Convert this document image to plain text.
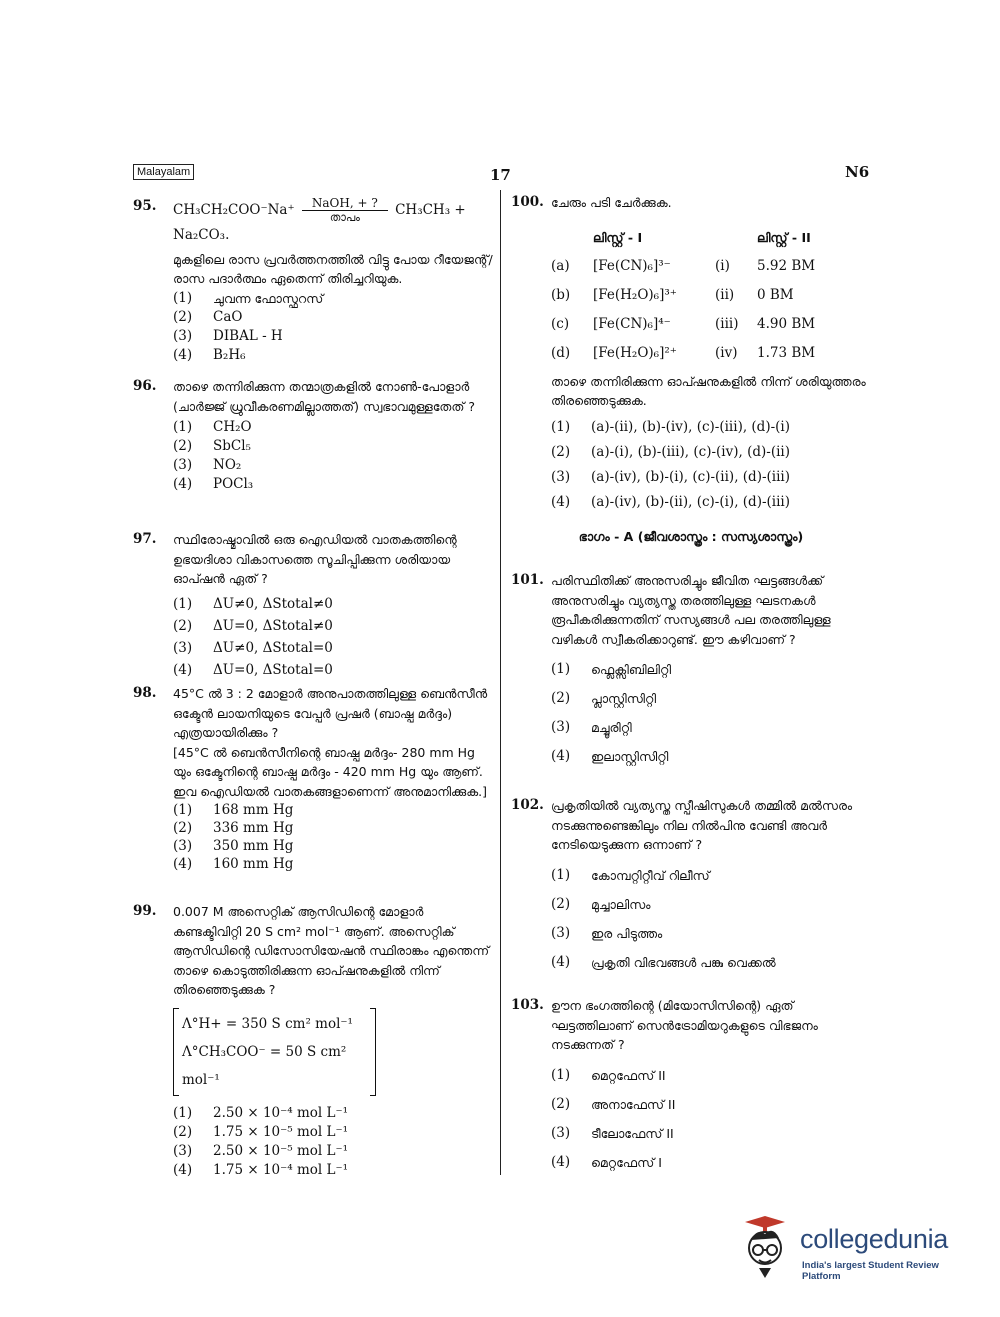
Malayalam	17	N6
95. $CH_3CH_2COO^-Na^+ \frac{\text{NaOH, + ?}}{\text{താപം}} CH_3CH_3$ +
Na₂CO₃.
മുകളിലെ രാസ പ്രവർത്തനത്തിൽ വിട്ടു പോയ റീയേജന്റ്/രാസ പദാർത്ഥം ഏതെന്ന് തിരിച്ചറിയുക.
(1)	ചുവന്ന ഫോസ്ഫറസ്
(2)	CaO
(3)	DIBAL - H
(4)	B₂H₆
96. താഴെ തന്നിരിക്കുന്ന തന്മാത്രകളിൽ നോൺ-പോളാർ (ചാർജ്ജ് ധ്രുവീകരണമില്ലാത്തത്) സ്വഭാവമുള്ളതേത് ?
(1)	CH₂O
(2)	SbCl₅
(3)	NO₂
(4)	POCl₃
97. സ്ഥിരോഷ്മാവിൽ ഒരു ഐഡിയൽ വാതകത്തിന്റെ ഉഭയദിശാ വികാസത്തെ സൂചിപ്പിക്കുന്ന ശരിയായ ഓപ്ഷൻ ഏത് ?
(1)	ΔU≠0, ΔStotal≠0
(2)	ΔU=0, ΔStotal≠0
(3)	ΔU≠0, ΔStotal=0
(4)	ΔU=0, ΔStotal=0
98. 45°C ൽ 3 : 2 മോളാർ അനുപാതത്തിലുള്ള ബെൻസീൻ ഒക്ടേൻ ലായനിയുടെ വേപ്പർ പ്രഷർ (ബാഷ്പ മർദ്ദം) എത്രയായിരിക്കും ?
[45°C ൽ ബെൻസീനിന്റെ ബാഷ്പ മർദ്ദം- 280 mm Hg യും ഒക്ടേനിന്റെ ബാഷ്പ മർദ്ദം - 420 mm Hg യും ആണ്. ഇവ ഐഡിയൽ വാതകങ്ങളാണെന്ന് അനുമാനിക്കുക.]
(1)	168 mm Hg
(2)	336 mm Hg
(3)	350 mm Hg
(4)	160 mm Hg
99. 0.007 M അസെറ്റിക് ആസിഡിന്റെ മോളാർ കണ്ടക്ടിവിറ്റി 20 S cm² mol⁻¹ ആണ്. അസെറ്റിക് ആസിഡിന്റെ ഡിസോസിയേഷൻ സ്ഥിരാങ്കം എന്തെന്ന് താഴെ കൊടുത്തിരിക്കുന്ന ഓപ്ഷനുകളിൽ നിന്ന് തിരഞ്ഞെടുക്കുക ?
Λ°H+ = 350 S cm² mol⁻¹
Λ°CH₃COO⁻ = 50 S cm² mol⁻¹
(1)	2.50 × 10⁻⁴ mol L⁻¹
(2)	1.75 × 10⁻⁵ mol L⁻¹
(3)	2.50 × 10⁻⁵ mol L⁻¹
(4)	1.75 × 10⁻⁴ mol L⁻¹
100. ചേരും പടി ചേർക്കുക.
ലിസ്റ്റ് - I	ലിസ്റ്റ് - II
(a)	[Fe(CN)₆]³⁻	(i)	5.92 BM
(b)	[Fe(H₂O)₆]³⁺	(ii)	0 BM
(c)	[Fe(CN)₆]⁴⁻	(iii)	4.90 BM
(d)	[Fe(H₂O)₆]²⁺	(iv)	1.73 BM
താഴെ തന്നിരിക്കുന്ന ഓപ്ഷനുകളിൽ നിന്ന് ശരിയുത്തരം തിരഞ്ഞെടുക്കുക.
(1)	(a)-(ii), (b)-(iv), (c)-(iii), (d)-(i)
(2)	(a)-(i), (b)-(iii), (c)-(iv), (d)-(ii)
(3)	(a)-(iv), (b)-(i), (c)-(ii), (d)-(iii)
(4)	(a)-(iv), (b)-(ii), (c)-(i), (d)-(iii)
ഭാഗം - A (ജീവശാസ്ത്രം : സസ്യശാസ്ത്രം)
101. പരിസ്ഥിതിക്ക് അനുസരിച്ചും ജീവിത ഘട്ടങ്ങൾക്ക് അനുസരിച്ചും വ്യത്യസ്ത തരത്തിലുള്ള ഘടനകൾ രൂപീകരിക്കുന്നതിന് സസ്യങ്ങൾ പല തരത്തിലുള്ള വഴികൾ സ്വീകരിക്കാറുണ്ട്. ഈ കഴിവാണ് ?
(1)	ഫ്ലെക്സിബിലിറ്റി
(2)	പ്ലാസ്റ്റിസിറ്റി
(3)	മച്ചൂരിറ്റി
(4)	ഇലാസ്റ്റിസിറ്റി
102. പ്രകൃതിയിൽ വ്യത്യസ്ത സ്പീഷിസുകൾ തമ്മിൽ മൽസരം നടക്കുന്നുണ്ടെങ്കിലും നില നിൽപിനു വേണ്ടി അവർ നേടിയെടുക്കുന്ന ഒന്നാണ് ?
(1)	കോമ്പറ്റിറ്റീവ് റിലീസ്
(2)	മുച്ചാലിസം
(3)	ഇര പിടുത്തം
(4)	പ്രകൃതി വിഭവങ്ങൾ പങ്കു വെക്കൽ
103. ഊന ഭംഗത്തിന്റെ (മിയോസിസിന്റെ) ഏത് ഘട്ടത്തിലാണ് സെൻട്രോമിയറുകളുടെ വിഭജനം നടക്കുന്നത് ?
(1)	മെറ്റഫേസ് II
(2)	അനാഫേസ് II
(3)	ടീലോഫേസ് II
(4)	മെറ്റഫേസ് I
collegedunia
India's largest Student Review Platform
